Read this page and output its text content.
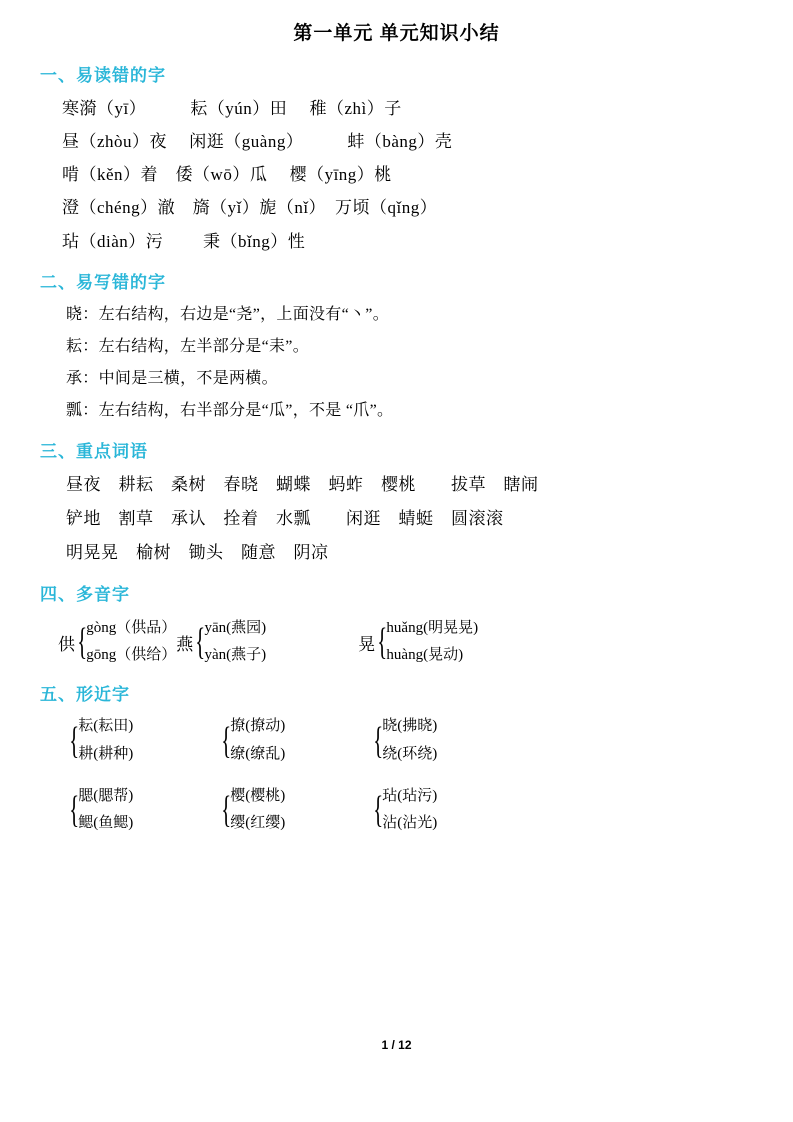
第一单元 单元知识小结
一、易读错的字
寒漪（yī）　　　耘（yún）田　 稚（zhì）子
昼（zhòu）夜　 闲逛（guàng）　　　蚌（bàng）壳
啃（kěn）着　倭（wō）瓜　 樱（yīng）桃
澄（chéng）澈　旖（yǐ）旎（nǐ）　万顷（qǐng）
玷（diàn）污　　 秉（bǐng）性
二、易写错的字
晓：左右结构，右边是“尧”，上面没有“丶”。
耘：左右结构，左半部分是“耒”。
承：中间是三横，不是两横。
瓢：左右结构，右半部分是“瓜”，不是 “爪”。
三、重点词语
昼夜　耕耘　桑树　春晓　蝴蝶　蚂蚱　樱桃　　拔草　瞎闹
铲地　割草　承认　拴着　水瓢　　闲逛　蜻蜓　圆滚滚
明晃晃　榆树　锄头　随意　阴凉
四、多音字
供 { gòng（供品）
gōng（供给）
燕 { yān(燕园)
yàn(燕子)
晃 { huǎng(明晃晃)
huàng(晃动)
五、形近字
{ 耘(耘田)
耕(耕种) { 撩(撩动)
缭(缭乱) { 晓(拂晓)
绕(环绕)
{ 腮(腮帮)
鳃(鱼鳃) { 樱(樱桃)
缨(红缨) { 玷(玷污)
沾(沾光)
1 / 12
